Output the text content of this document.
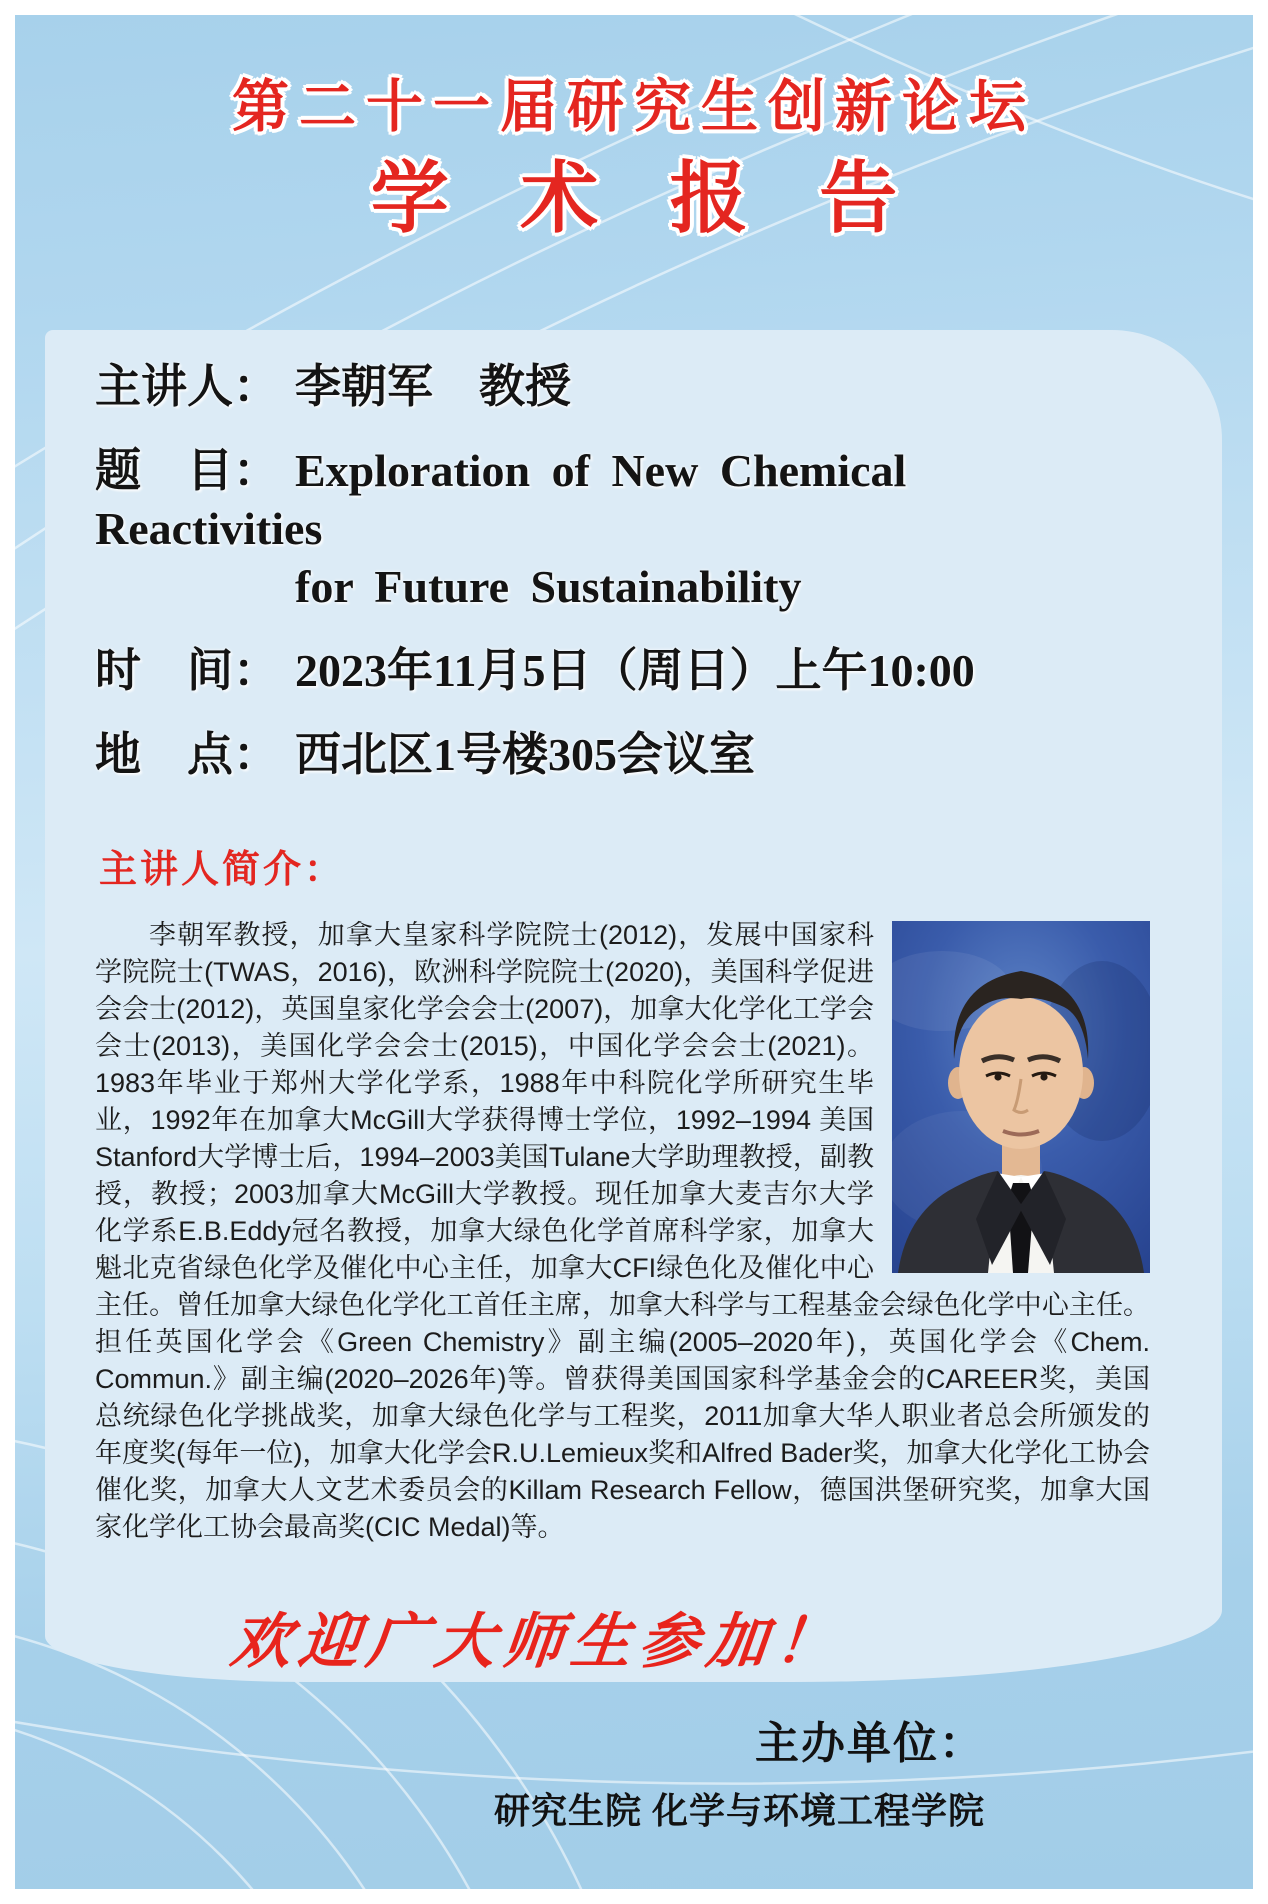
第二十一届研究生创新论坛
学 术 报 告
主讲人： 李朝军　教授
题　目： Exploration of New Chemical Reactivities
for Future Sustainability
时　间： 2023年11月5日（周日）上午10:00
地　点： 西北区1号楼305会议室
主讲人简介：

李朝军教授，加拿大皇家科学院院士(2012)，发展中国家科学院院士(TWAS，2016)，欧洲科学院院士(2020)，美国科学促进会会士(2012)，英国皇家化学会会士(2007)，加拿大化学化工学会会士(2013)，美国化学会会士(2015)，中国化学会会士(2021)。1983年毕业于郑州大学化学系，1988年中科院化学所研究生毕业，1992年在加拿大McGill大学获得博士学位，1992–1994 美国Stanford大学博士后，1994–2003美国Tulane大学助理教授，副教授，教授；2003加拿大McGill大学教授。现任加拿大麦吉尔大学化学系E.B.Eddy冠名教授，加拿大绿色化学首席科学家，加拿大魁北克省绿色化学及催化中心主任，加拿大CFI绿色化及催化中心主任。曾任加拿大绿色化学化工首任主席，加拿大科学与工程基金会绿色化学中心主任。担任英国化学会《Green Chemistry》副主编(2005–2020年)，英国化学会《Chem. Commun.》副主编(2020–2026年)等。曾获得美国国家科学基金会的CAREER奖，美国总统绿色化学挑战奖，加拿大绿色化学与工程奖，2011加拿大华人职业者总会所颁发的年度奖(每年一位)，加拿大化学会R.U.Lemieux奖和Alfred Bader奖，加拿大化学化工协会催化奖，加拿大人文艺术委员会的Killam Research Fellow，德国洪堡研究奖，加拿大国家化学化工协会最高奖(CIC Medal)等。

欢迎广大师生参加！
主办单位：
研究生院 化学与环境工程学院
